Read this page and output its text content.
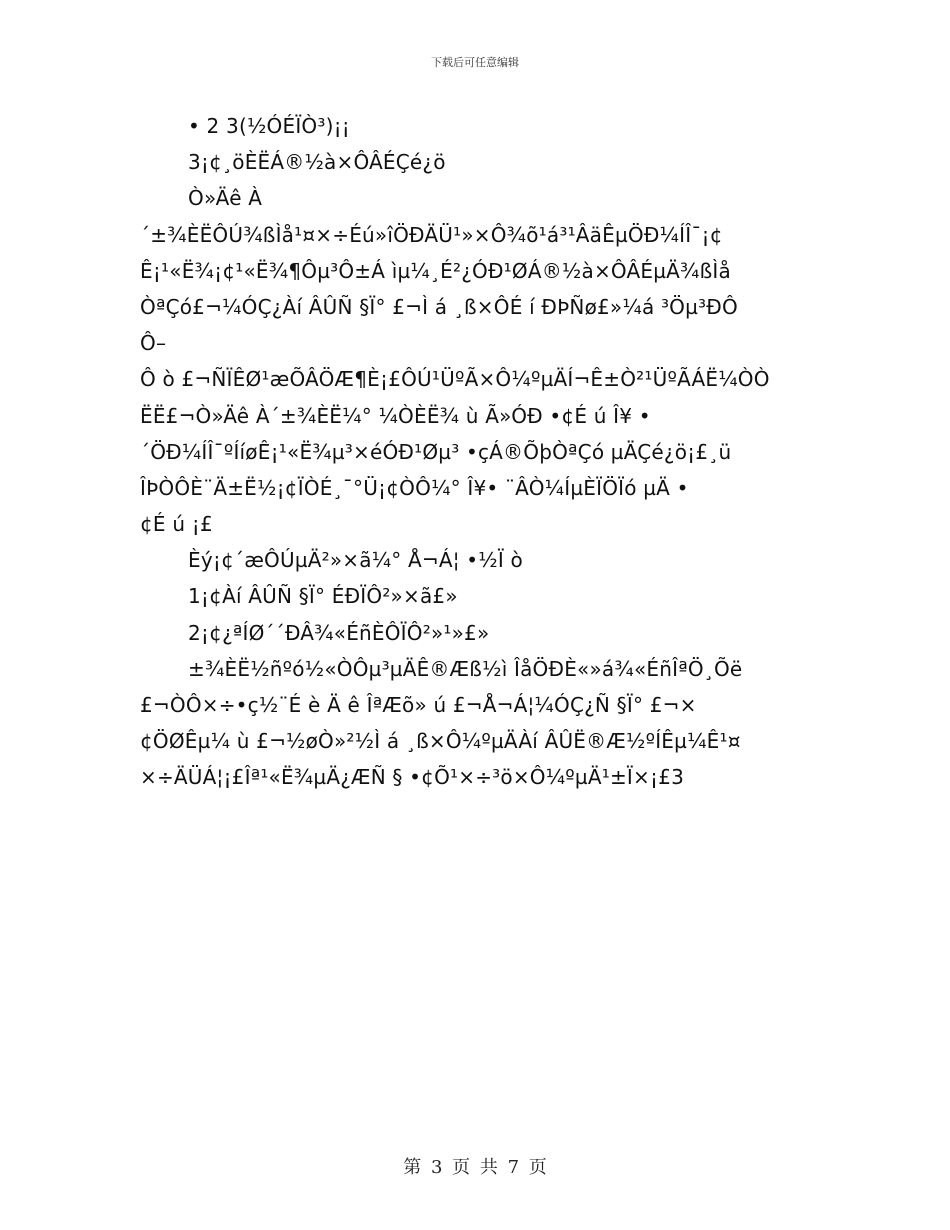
下载后可任意编辑
• 2 3(½ÓÉÏÒ³)¡¡
3¡¢¸öÈËÁ®½à×ÔÂÉÇé¿ö
Ò»Äê À
´±¾ÈËÔÚ¾ßÌå¹¤×÷Éú»îÖÐÄÜ¹»×Ô¾õ¹á³¹ÂäÊµÖÐ¼ÍÎ¯¡¢
Ê¡¹«Ë¾¡¢¹«Ë¾¶Ôµ³Ô±Á ìµ¼¸É²¿ÓÐ¹ØÁ®½à×ÔÂÉµÄ¾ßÌå
ÒªÇó£¬¼ÓÇ¿Àí ÂÛÑ §Ï° £¬Ì á ¸ß×ÔÉ í ÐÞÑø£»¼á ³Öµ³ÐÔ
Ô–
Ô ò £¬ÑÏÊØ¹æÕÂÖÆ¶È¡£ÔÚ¹ÜºÃ×Ô¼ºµÄÍ¬Ê±Ò²¹ÜºÃÁË¼ÒÒ
ËË£¬Ò»Äê À´±¾ÈË¼° ¼ÒÈË¾ ù Ã»ÓÐ •¢É ú Î¥ •
´ÖÐ¼ÍÎ¯ºÍíøÊ¡¹«Ë¾µ³×éÓÐ¹Øµ³ •çÁ®ÕþÒªÇó µÄÇé¿ö¡£¸ü
ÎÞÒÔÈ¨Ä±Ë½¡¢ÏÒÉ¸¯°Ü¡¢ÒÔ¼° Î¥• ¨ÂÒ¼ÍµÈÏÖÏó µÄ •
¢É ú ¡£
Èý¡¢´æÔÚµÄ²»×ã¼° Å¬Á¦ •½Ï ò
1¡¢Àí ÂÛÑ §Ï° ÉÐÏÔ²»×ã£»
2¡¢¿ªÍØ´´ÐÂ¾«ÉñÈÔÏÔ²»¹»£»
±¾ÈË½ñºó½«ÒÔµ³µÄÊ®Æß½ì ÎåÖÐÈ«»á¾«ÉñÎªÖ¸Õë
£¬ÒÔ×÷•ç½¨É è Ä ê ÎªÆõ» ú £¬Å¬Á¦¼ÓÇ¿Ñ §Ï° £¬×
¢ÖØÊµ¼ ù £¬½øÒ»²½Ì á ¸ß×Ô¼ºµÄÀí ÂÛË®Æ½ºÍÊµ¼Ê¹¤
×÷ÄÜÁ¦¡£Îª¹«Ë¾µÄ¿ÆÑ § •¢Õ¹×÷³ö×Ô¼ºµÄ¹±Ï×¡£3
第 3 页 共 7 页
